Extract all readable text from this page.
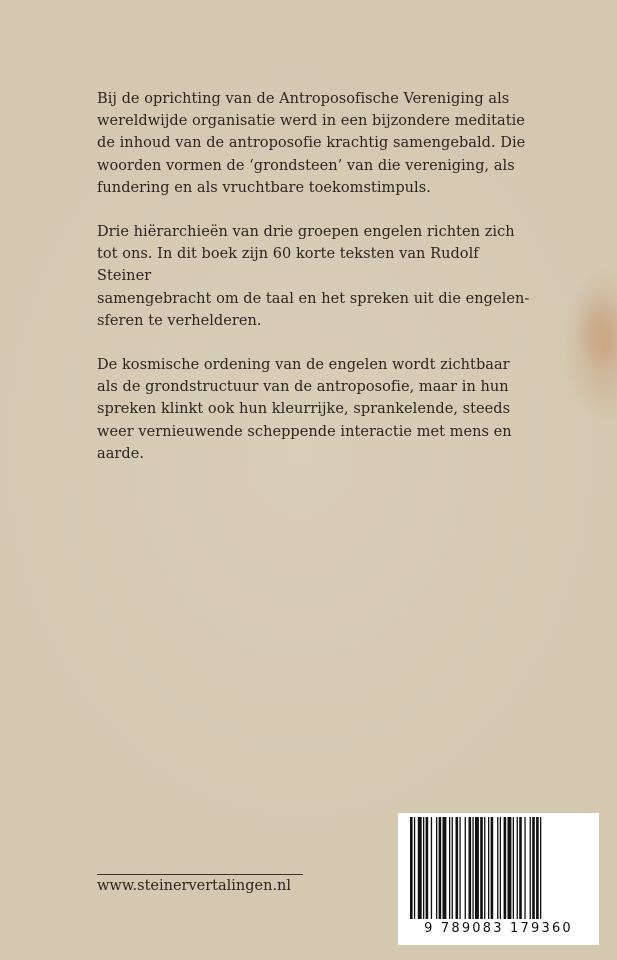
Bij de oprichting van de Antroposofische Vereniging als
wereldwijde organisatie werd in een bijzondere meditatie
de inhoud van de antroposofie krachtig samengebald. Die
woorden vormen de ‘grondsteen’ van die vereniging, als
fundering en als vruchtbare toekomstimpuls.

Drie hiërarchieën van drie groepen engelen richten zich
tot ons. In dit boek zijn 60 korte teksten van Rudolf Steiner
samengebracht om de taal en het spreken uit die engelen-
sferen te verhelderen.

De kosmische ordening van de engelen wordt zichtbaar
als de grondstructuur van de antroposofie, maar in hun
spreken klinkt ook hun kleurrijke, sprankelende, steeds
weer vernieuwende scheppende interactie met mens en
aarde.

www.steinervertalingen.nl
9 789083 179360
